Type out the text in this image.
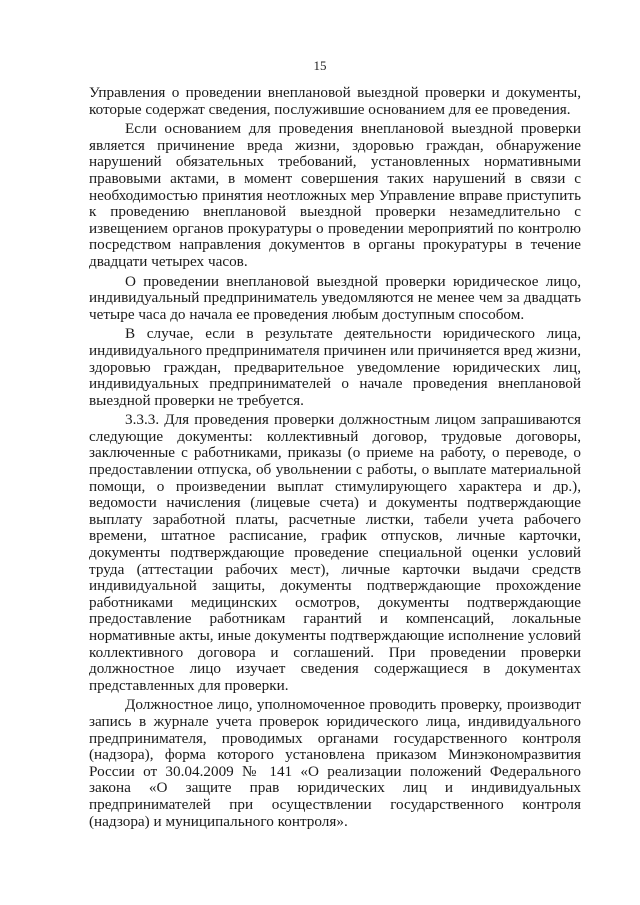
15

Управления о проведении внеплановой выездной проверки и документы, которые содержат сведения, послужившие основанием для ее проведения.

Если основанием для проведения внеплановой выездной проверки является причинение вреда жизни, здоровью граждан, обнаружение нарушений обязательных требований, установленных нормативными правовыми актами, в момент совершения таких нарушений в связи с необходимостью принятия неотложных мер Управление вправе приступить к проведению внеплановой выездной проверки незамедлительно с извещением органов прокуратуры о проведении мероприятий по контролю посредством направления документов в органы прокуратуры в течение двадцати четырех часов.

О проведении внеплановой выездной проверки юридическое лицо, индивидуальный предприниматель уведомляются не менее чем за двадцать четыре часа до начала ее проведения любым доступным способом.

В случае, если в результате деятельности юридического лица, индивидуального предпринимателя причинен или причиняется вред жизни, здоровью граждан, предварительное уведомление юридических лиц, индивидуальных предпринимателей о начале проведения внеплановой выездной проверки не требуется.

3.3.3. Для проведения проверки должностным лицом запрашиваются следующие документы: коллективный договор, трудовые договоры, заключенные с работниками, приказы (о приеме на работу, о переводе, о предоставлении отпуска, об увольнении с работы, о выплате материальной помощи, о произведении выплат стимулирующего характера и др.), ведомости начисления (лицевые счета) и документы подтверждающие выплату заработной платы, расчетные листки, табели учета рабочего времени, штатное расписание, график отпусков, личные карточки, документы подтверждающие проведение специальной оценки условий труда (аттестации рабочих мест), личные карточки выдачи средств индивидуальной защиты, документы подтверждающие прохождение работниками медицинских осмотров, документы подтверждающие предоставление работникам гарантий и компенсаций, локальные нормативные акты, иные документы подтверждающие исполнение условий коллективного договора и соглашений. При проведении проверки должностное лицо изучает сведения содержащиеся в документах представленных для проверки.

Должностное лицо, уполномоченное проводить проверку, производит запись в журнале учета проверок юридического лица, индивидуального предпринимателя, проводимых органами государственного контроля (надзора), форма которого установлена приказом Минэкономразвития России от 30.04.2009 № 141 «О реализации положений Федерального закона «О защите прав юридических лиц и индивидуальных предпринимателей при осуществлении государственного контроля (надзора) и муниципального контроля».
